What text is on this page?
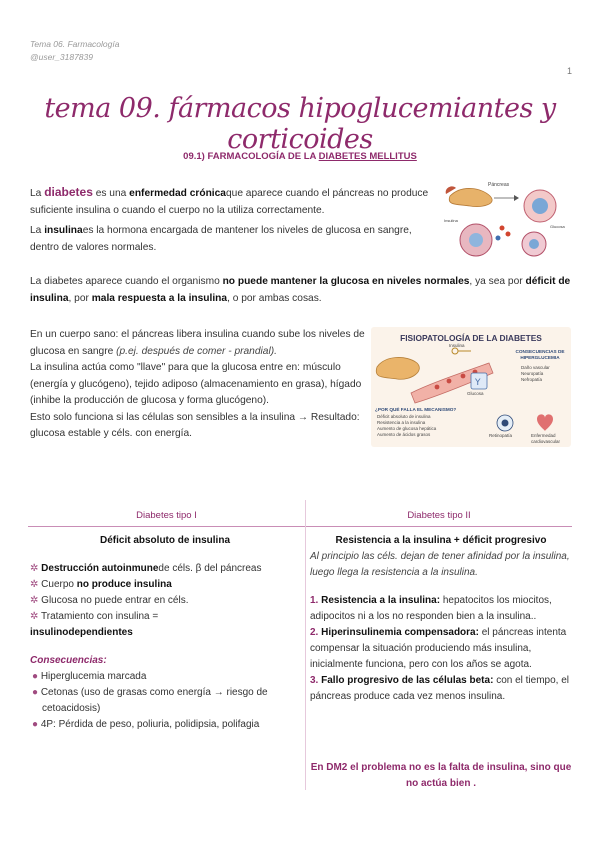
Tema 06. Farmacología
@user_3187839
1
tema 09. fármacos hipoglucemiantes y corticoides
09.1) FARMACOLOGÍA DE LA DIABETES MELLITUS
La diabetes es una enfermedad crónicaque aparece cuando el páncreas no produce suficiente insulina o cuando el cuerpo no la utiliza correctamente.
La insulinaes la hormona encargada de mantener los niveles de glucosa en sangre, dentro de valores normales.
Páncreas
Insulina
Glucosa
La diabetes aparece cuando el organismo no puede mantener la glucosa en niveles normales, ya sea por déficit de insulina, por mala respuesta a la insulina, o por ambas cosas.
En un cuerpo sano: el páncreas libera insulina cuando sube los niveles de glucosa en sangre (p.ej. después de comer - prandial).
La insulina actúa como "llave" para que la glucosa entre en: músculo (energía y glucógeno), tejido adiposo (almacenamiento en grasa), hígado (inhibe la producción de glucosa y forma glucógeno).
Esto solo funciona si las células son sensibles a la insulina → Resultado: glucosa estable y céls. con energía.
FISIOPATOLOGÍA DE LA DIABETES
Y
Insulina
Glucosa
CONSECUENCIAS DE HIPERGLUCEMIA
Daño vascular
Neuropatía
Nefropatía
¿POR QUÉ FALLA EL MECANISMO?
Déficit absoluto de insulina
Resistencia a la insulina
Aumento de glucosa hepática
Aumento de ácidos grasos	Retinopatía	Enfermedad cardiovascular
Diabetes tipo I	Diabetes tipo II
Déficit absoluto de insulina
✲ Destrucción autoinmunede céls. β del páncreas
✲ Cuerpo no produce insulina
✲ Glucosa no puede entrar en céls.
✲ Tratamiento con insulina =
insulinodependientes
Consecuencias:
● Hiperglucemia marcada
● Cetonas (uso de grasas como energía → riesgo de cetoacidosis)
● 4P: Pérdida de peso, poliuria, polidipsia, polifagia
Resistencia a la insulina + déficit progresivo
Al principio las céls. dejan de tener afinidad por la insulina, luego llega la resistencia a la insulina.
1. Resistencia a la insulina: hepatocitos los miocitos, adipocitos ni a los no responden bien a la insulina..
2. Hiperinsulinemia compensadora: el páncreas intenta compensar la situación produciendo más insulina, inicialmente funciona, pero con los años se agota.
3. Fallo progresivo de las células beta: con el tiempo, el páncreas produce cada vez menos insulina.
En DM2 el problema no es la falta de insulina, sino que no actúa bien .
